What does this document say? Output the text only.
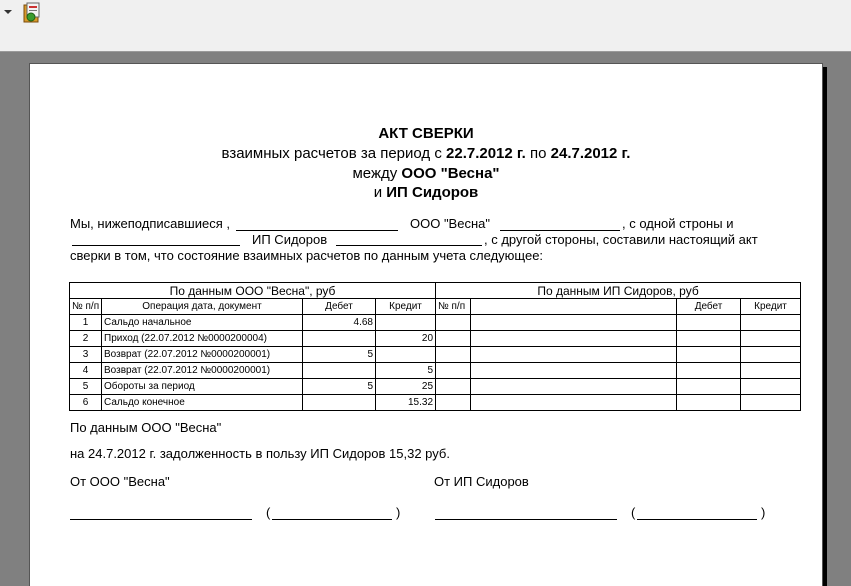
АКТ СВЕРКИ
взаимных расчетов за период с 22.7.2012 г. по 24.7.2012 г.
между ООО "Весна"
и ИП Сидоров
Мы, нижеподписавшиеся ,	ООО "Весна"	, с одной строны и
ИП Сидоров	, с другой стороны, составили настоящий акт
сверки в том, что состояние взаимных расчетов по данным учета следующее:
По данным ООО "Весна", руб				По данным ИП Сидоров, руб			
№ п/п	Операция дата, документ	Дебет	Кредит	№ п/п		Дебет	Кредит
1	Сальдо начальное	4.68					
2	Приход (22.07.2012 №0000200004)		20				
3	Возврат (22.07.2012 №0000200001)	5					
4	Возврат (22.07.2012 №0000200001)		5				
5	Обороты за период	5	25				
6	Сальдо конечное		15.32				
По данным ООО "Весна"
на 24.7.2012 г. задолженность в пользу ИП Сидоров 15,32 руб.
От ООО "Весна"	От ИП Сидоров
(	)	(	)
